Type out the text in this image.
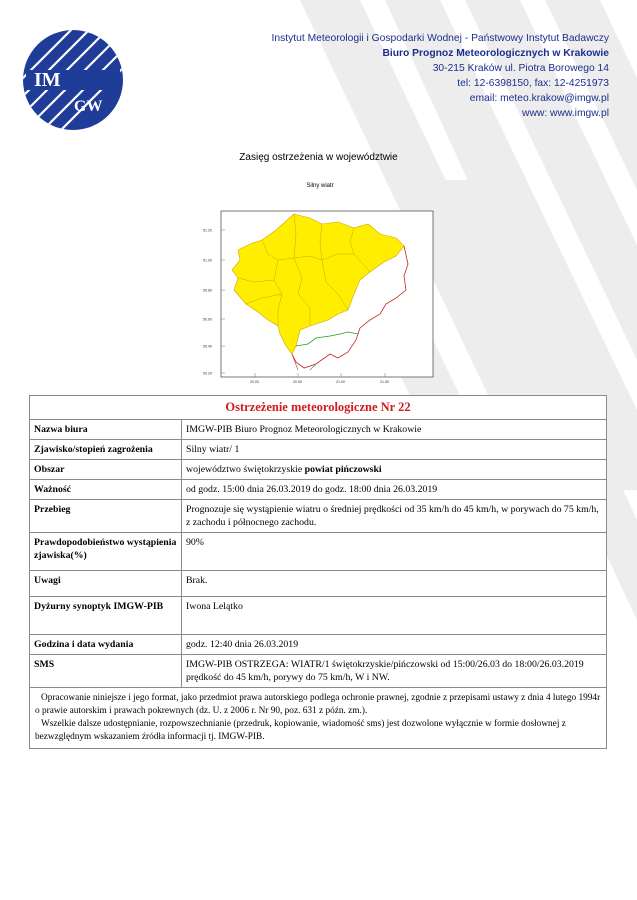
IM
GW
Instytut Meteorologii i Gospodarki Wodnej - Państwowy Instytut Badawczy
Biuro Prognoz Meteorologicznych w Krakowie
30-215 Kraków ul. Piotra Borowego 14
tel: 12-6398150, fax: 12-4251973
email: meteo.krakow@imgw.pl
www: www.imgw.pl
Zasięg ostrzeżenia w województwie
Silny wiatr
51.20
51.00
50.80
50.60
50.40
50.20
20.00	20.50	21.00	21.50
Ostrzeżenie meteorologiczne Nr 22	
Nazwa biura	IMGW-PIB Biuro Prognoz Meteorologicznych w Krakowie
Zjawisko/stopień zagrożenia	Silny wiatr/ 1
Obszar	województwo świętokrzyskie powiat pińczowski
Ważność	od godz. 15:00 dnia 26.03.2019 do godz. 18:00 dnia 26.03.2019
Przebieg	Prognozuje się wystąpienie wiatru o średniej prędkości od 35 km/h do 45 km/h, w porywach do 75 km/h, z zachodu i północnego zachodu.
Prawdopodobieństwo wystąpienia zjawiska(%)	90%
Uwagi	Brak.
Dyżurny synoptyk IMGW-PIB	Iwona Lelątko
Godzina i data wydania	godz. 12:40 dnia 26.03.2019
SMS	IMGW-PIB OSTRZEGA: WIATR/1 świętokrzyskie/pińczowski od 15:00/26.03 do 18:00/26.03.2019 prędkość do 45 km/h, porywy do 75 km/h, W i NW.

Opracowanie niniejsze i jego format, jako przedmiot prawa autorskiego podlega ochronie prawnej, zgodnie z przepisami ustawy z dnia 4 lutego 1994r o prawie autorskim i prawach pokrewnych (dz. U. z 2006 r. Nr 90, poz. 631 z późn. zm.).

Wszelkie dalsze udostępnianie, rozpowszechnianie (przedruk, kopiowanie, wiadomość sms) jest dozwolone wyłącznie w formie dosłownej z bezwzględnym wskazaniem źródła informacji tj. IMGW-PIB.	
